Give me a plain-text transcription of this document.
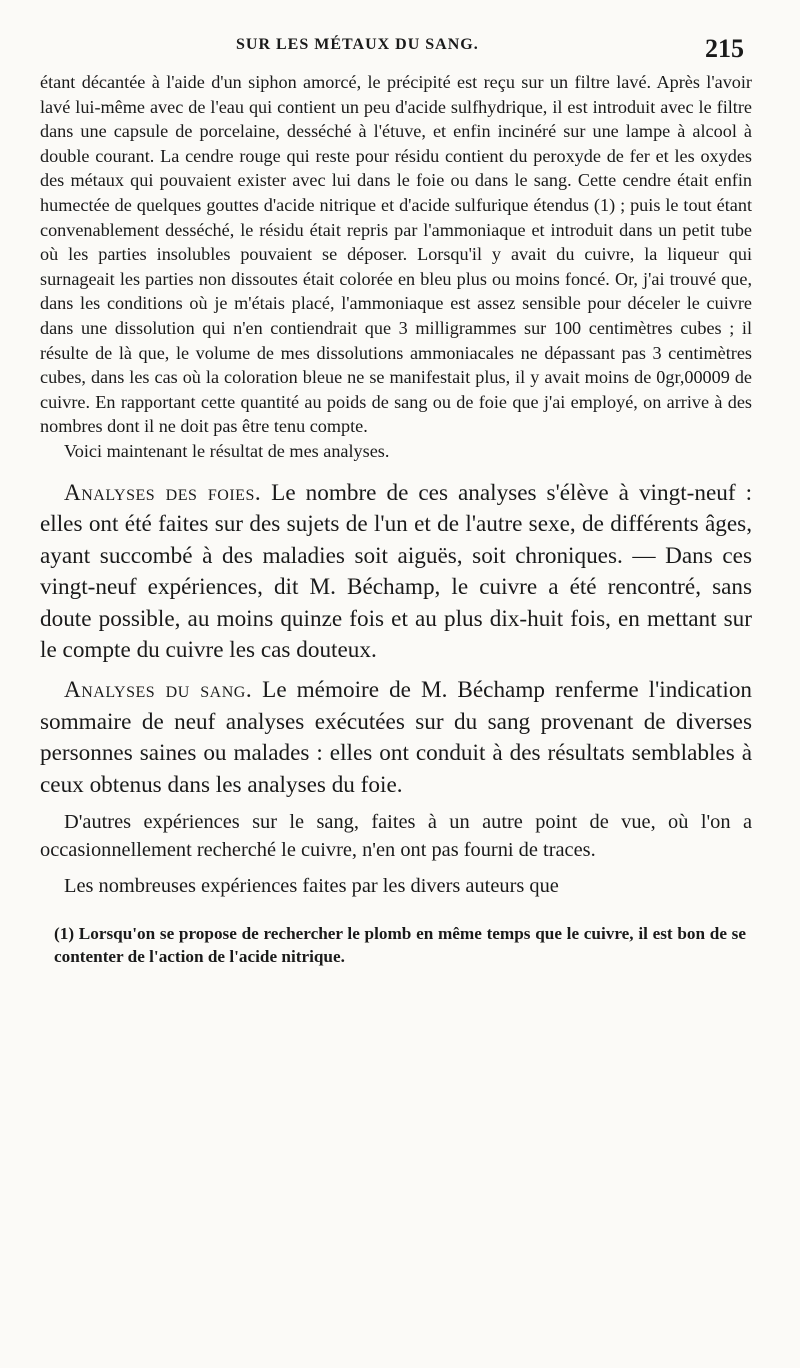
SUR LES MÉTAUX DU SANG.	215

étant décantée à l'aide d'un siphon amorcé, le précipité est reçu sur un filtre lavé. Après l'avoir lavé lui-même avec de l'eau qui contient un peu d'acide sulfhydrique, il est introduit avec le filtre dans une capsule de porcelaine, desséché à l'étuve, et enfin incinéré sur une lampe à alcool à double courant. La cendre rouge qui reste pour résidu contient du peroxyde de fer et les oxydes des métaux qui pouvaient exister avec lui dans le foie ou dans le sang. Cette cendre était enfin humectée de quelques gouttes d'acide nitrique et d'acide sulfurique étendus (1) ; puis le tout étant convenablement desséché, le résidu était repris par l'ammoniaque et introduit dans un petit tube où les parties insolubles pouvaient se déposer. Lorsqu'il y avait du cuivre, la liqueur qui surnageait les parties non dissoutes était colorée en bleu plus ou moins foncé. Or, j'ai trouvé que, dans les conditions où je m'étais placé, l'ammoniaque est assez sensible pour déceler le cuivre dans une dissolution qui n'en contiendrait que 3 milligrammes sur 100 centimètres cubes ; il résulte de là que, le volume de mes dissolutions ammoniacales ne dépassant pas 3 centimètres cubes, dans les cas où la coloration bleue ne se manifestait plus, il y avait moins de 0gr,00009 de cuivre. En rapportant cette quantité au poids de sang ou de foie que j'ai employé, on arrive à des nombres dont il ne doit pas être tenu compte.

Voici maintenant le résultat de mes analyses.

Analyses des foies. Le nombre de ces analyses s'élève à vingt-neuf : elles ont été faites sur des sujets de l'un et de l'autre sexe, de différents âges, ayant succombé à des maladies soit aiguës, soit chroniques. — Dans ces vingt-neuf expériences, dit M. Béchamp, le cuivre a été rencontré, sans doute possible, au moins quinze fois et au plus dix-huit fois, en mettant sur le compte du cuivre les cas douteux.

Analyses du sang. Le mémoire de M. Béchamp renferme l'indication sommaire de neuf analyses exécutées sur du sang provenant de diverses personnes saines ou malades : elles ont conduit à des résultats semblables à ceux obtenus dans les analyses du foie.

D'autres expériences sur le sang, faites à un autre point de vue, où l'on a occasionnellement recherché le cuivre, n'en ont pas fourni de traces.

Les nombreuses expériences faites par les divers auteurs que

(1) Lorsqu'on se propose de rechercher le plomb en même temps que le cuivre, il est bon de se contenter de l'action de l'acide nitrique.
